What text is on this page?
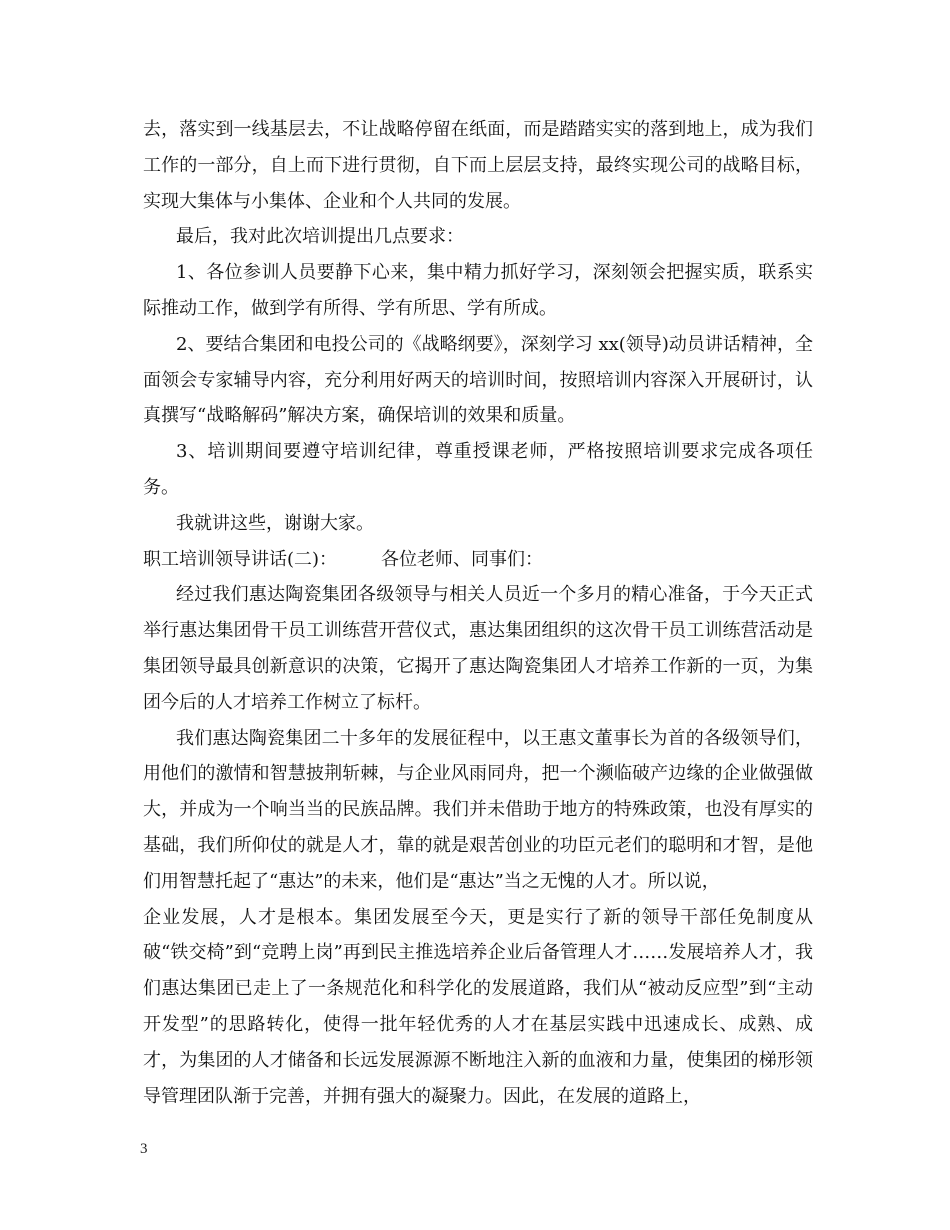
去，落实到一线基层去，不让战略停留在纸面，而是踏踏实实的落到地上，成为我们工作的一部分，自上而下进行贯彻，自下而上层层支持，最终实现公司的战略目标，实现大集体与小集体、企业和个人共同的发展。

最后，我对此次培训提出几点要求：

1、各位参训人员要静下心来，集中精力抓好学习，深刻领会把握实质，联系实际推动工作，做到学有所得、学有所思、学有所成。

2、要结合集团和电投公司的《战略纲要》，深刻学习 xx(领导)动员讲话精神，全面领会专家辅导内容，充分利用好两天的培训时间，按照培训内容深入开展研讨，认真撰写“战略解码”解决方案，确保培训的效果和质量。

3、培训期间要遵守培训纪律，尊重授课老师，严格按照培训要求完成各项任务。

我就讲这些，谢谢大家。

职工培训领导讲话(二)： 各位老师、同事们：

经过我们惠达陶瓷集团各级领导与相关人员近一个多月的精心准备，于今天正式举行惠达集团骨干员工训练营开营仪式，惠达集团组织的这次骨干员工训练营活动是集团领导最具创新意识的决策，它揭开了惠达陶瓷集团人才培养工作新的一页，为集团今后的人才培养工作树立了标杆。

我们惠达陶瓷集团二十多年的发展征程中，以王惠文董事长为首的各级领导们，用他们的激情和智慧披荆斩棘，与企业风雨同舟，把一个濒临破产边缘的企业做强做大，并成为一个响当当的民族品牌。我们并未借助于地方的特殊政策，也没有厚实的基础，我们所仰仗的就是人才，靠的就是艰苦创业的功臣元老们的聪明和才智，是他们用智慧托起了“惠达”的未来，他们是“惠达”当之无愧的人才。所以说，

企业发展，人才是根本。集团发展至今天，更是实行了新的领导干部任免制度从破“铁交椅”到“竞聘上岗”再到民主推选培养企业后备管理人才……发展培养人才，我们惠达集团已走上了一条规范化和科学化的发展道路，我们从“被动反应型”到“主动开发型”的思路转化，使得一批年轻优秀的人才在基层实践中迅速成长、成熟、成才，为集团的人才储备和长远发展源源不断地注入新的血液和力量，使集团的梯形领导管理团队渐于完善，并拥有强大的凝聚力。因此，在发展的道路上，

3
